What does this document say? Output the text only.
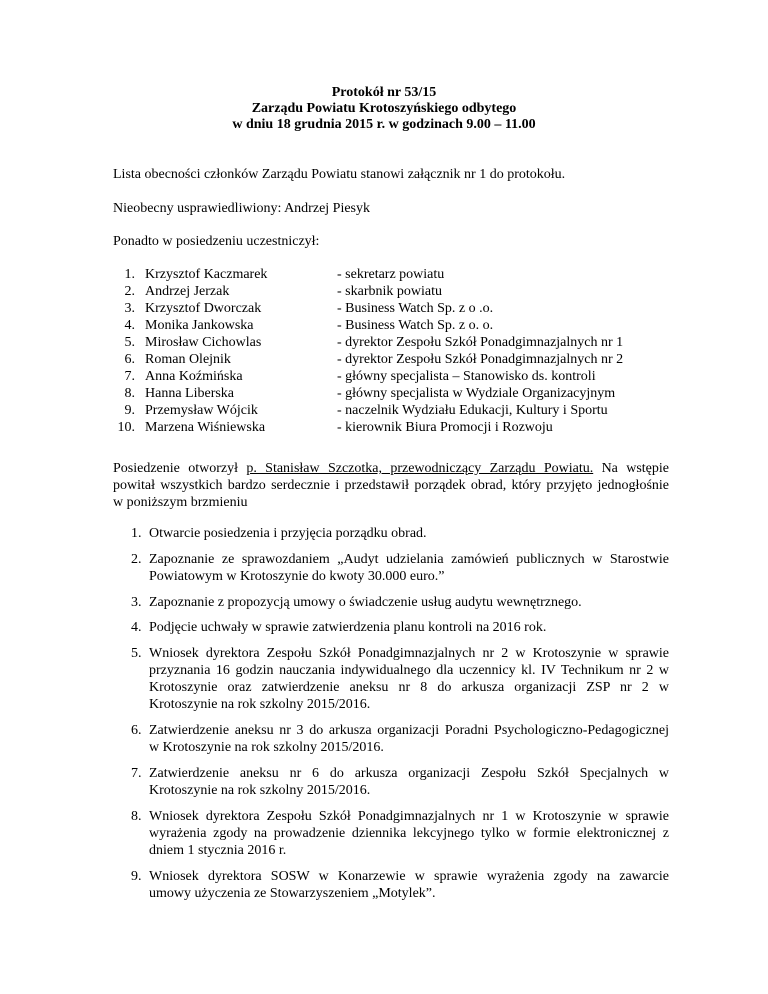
Protokół nr 53/15
Zarządu Powiatu Krotoszyńskiego odbytego
w dniu 18 grudnia 2015 r. w godzinach 9.00 – 11.00
Lista obecności członków Zarządu Powiatu stanowi załącznik nr 1 do protokołu.
Nieobecny usprawiedliwiony: Andrzej Piesyk
Ponadto w posiedzeniu uczestniczył:
1. Krzysztof Kaczmarek	- sekretarz powiatu
2. Andrzej Jerzak	- skarbnik powiatu
3. Krzysztof Dworczak	- Business Watch Sp. z o .o.
4. Monika Jankowska	- Business Watch Sp. z o. o.
5. Mirosław Cichowlas	- dyrektor Zespołu Szkół Ponadgimnazjalnych nr 1
6. Roman Olejnik	- dyrektor Zespołu Szkół Ponadgimnazjalnych nr 2
7. Anna Koźmińska	- główny specjalista – Stanowisko ds. kontroli
8. Hanna Liberska	- główny specjalista w Wydziale Organizacyjnym
9. Przemysław Wójcik	- naczelnik Wydziału Edukacji, Kultury i Sportu
10. Marzena Wiśniewska	- kierownik Biura Promocji i Rozwoju
Posiedzenie otworzył p. Stanisław Szczotka, przewodniczący Zarządu Powiatu. Na wstępie
powitał wszystkich bardzo serdecznie i przedstawił porządek obrad, który przyjęto jednogłośnie
w poniższym brzmieniu
1. Otwarcie posiedzenia i przyjęcia porządku obrad.
2. Zapoznanie ze sprawozdaniem „Audyt udzielania zamówień publicznych w Starostwie
Powiatowym w Krotoszynie do kwoty 30.000 euro.”
3. Zapoznanie z propozycją umowy o świadczenie usług audytu wewnętrznego.
4. Podjęcie uchwały w sprawie zatwierdzenia planu kontroli na 2016 rok.
5. Wniosek dyrektora Zespołu Szkół Ponadgimnazjalnych nr 2 w Krotoszynie w sprawie
przyznania 16 godzin nauczania indywidualnego dla uczennicy kl. IV Technikum nr 2 w
Krotoszynie oraz zatwierdzenie aneksu nr 8 do arkusza organizacji ZSP nr 2 w
Krotoszynie na rok szkolny 2015/2016.
6. Zatwierdzenie aneksu nr 3 do arkusza organizacji Poradni Psychologiczno-Pedagogicznej
w Krotoszynie na rok szkolny 2015/2016.
7. Zatwierdzenie aneksu nr 6 do arkusza organizacji Zespołu Szkół Specjalnych w
Krotoszynie na rok szkolny 2015/2016.
8. Wniosek dyrektora Zespołu Szkół Ponadgimnazjalnych nr 1 w Krotoszynie w sprawie
wyrażenia zgody na prowadzenie dziennika lekcyjnego tylko w formie elektronicznej z
dniem 1 stycznia 2016 r.
9. Wniosek dyrektora SOSW w Konarzewie w sprawie wyrażenia zgody na zawarcie
umowy użyczenia ze Stowarzyszeniem „Motylek”.
